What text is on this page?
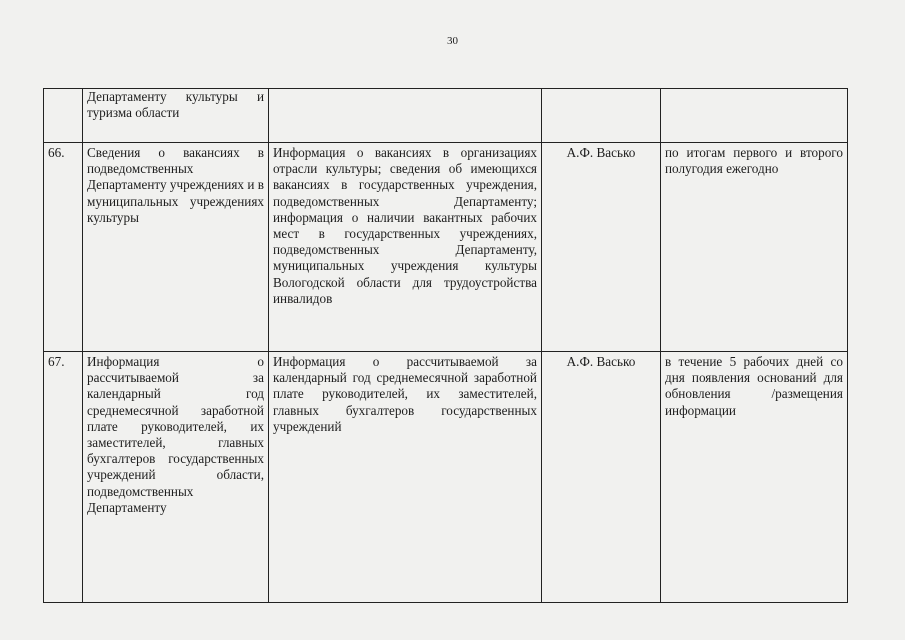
30
	Департаменту культуры и туризма области			
66.	Сведения о вакансиях в подведомственных Департаменту учреждениях и в муниципальных учреждениях культуры	Информация о вакансиях в организациях отрасли культуры; сведения об имеющихся вакансиях в государственных учреждения, подведомственных Департаменту; информация о наличии вакантных рабочих мест в государственных учреждениях, подведомственных Департаменту, муниципальных учреждения культуры Вологодской области для трудоустройства инвалидов	А.Ф. Васько	по итогам первого и второго полугодия ежегодно
67.	Информация о рассчитываемой за календарный год среднемесячной заработной плате руководителей, их заместителей, главных бухгалтеров государственных учреждений области, подведомственных Департаменту	Информация о рассчитываемой за календарный год среднемесячной заработной плате руководителей, их заместителей, главных бухгалтеров государственных учреждений	А.Ф. Васько	в течение 5 рабочих дней со дня появления оснований для обновления /размещения информации
